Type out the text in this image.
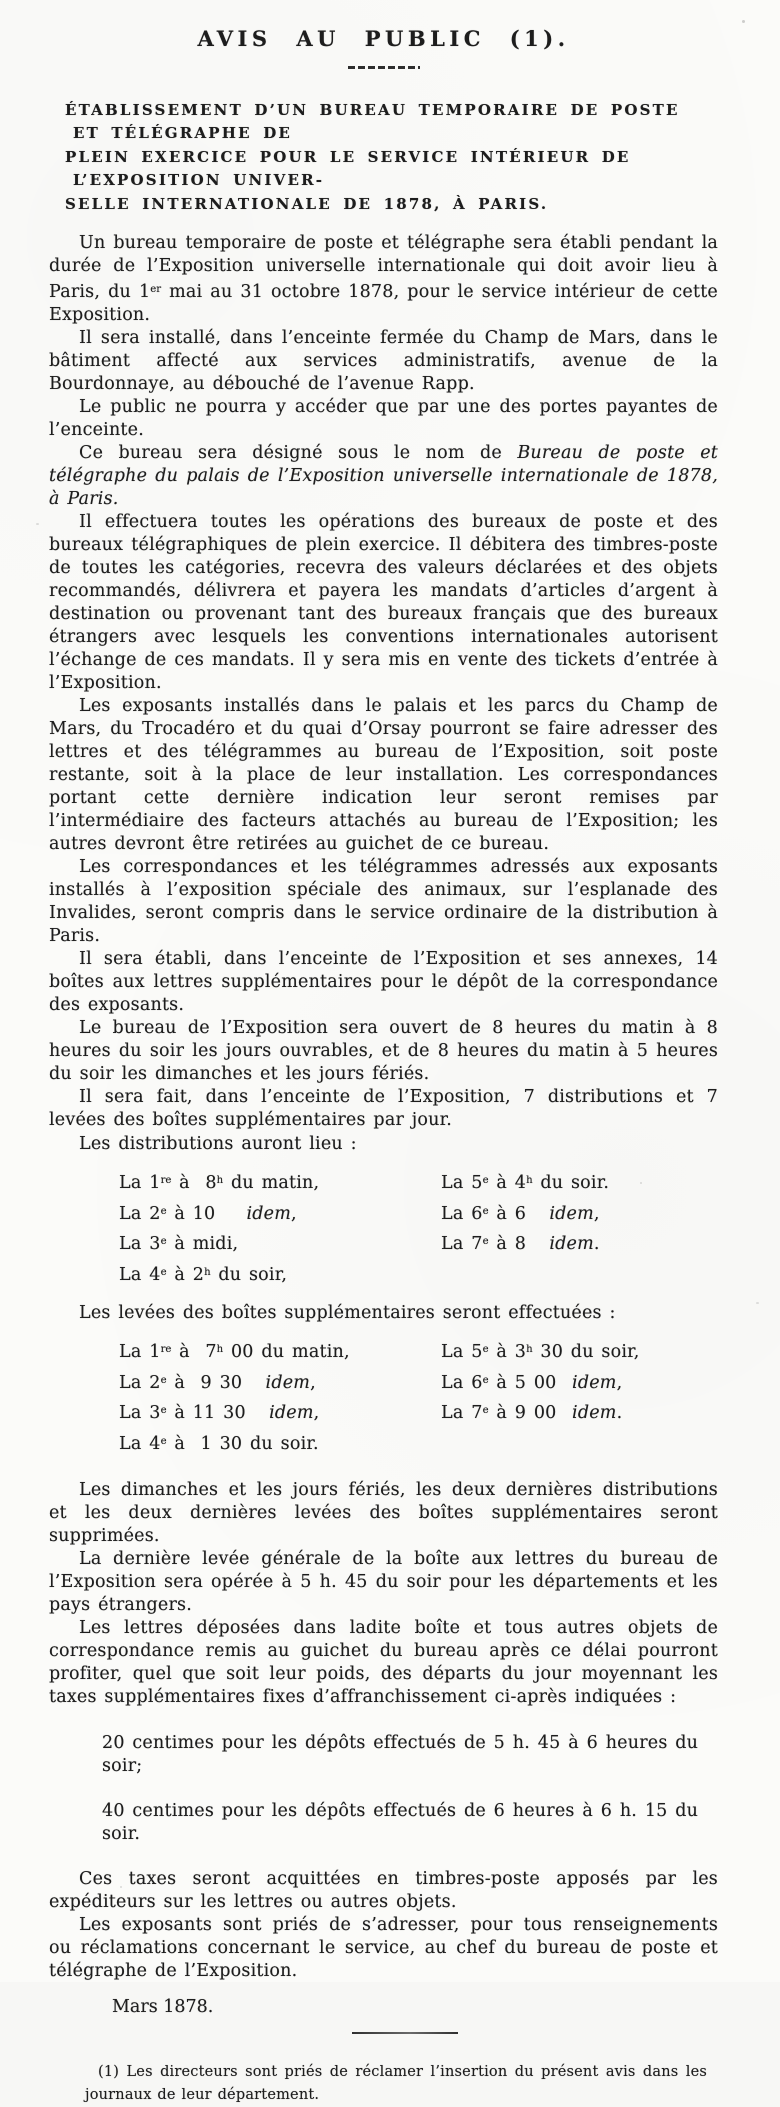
AVIS AU PUBLIC (1).
ÉTABLISSEMENT D’UN BUREAU TEMPORAIRE DE POSTE ET TÉLÉGRAPHE DE
PLEIN EXERCICE POUR LE SERVICE INTÉRIEUR DE L’EXPOSITION UNIVER-
SELLE INTERNATIONALE DE 1878, À PARIS.

Un bureau temporaire de poste et télégraphe sera établi pendant la durée de l’Exposition universelle internationale qui doit avoir lieu à Paris, du 1er mai au 31 octobre 1878, pour le service intérieur de cette Exposition.

Il sera installé, dans l’enceinte fermée du Champ de Mars, dans le bâtiment affecté aux services administratifs, avenue de la Bourdonnaye, au débouché de l’avenue Rapp.

Le public ne pourra y accéder que par une des portes payantes de l’enceinte.

Ce bureau sera désigné sous le nom de Bureau de poste et télégraphe du palais de l’Exposition universelle internationale de 1878, à Paris.

Il effectuera toutes les opérations des bureaux de poste et des bureaux télégraphiques de plein exercice. Il débitera des timbres-poste de toutes les catégories, recevra des valeurs déclarées et des objets recommandés, délivrera et payera les mandats d’articles d’argent à destination ou provenant tant des bureaux français que des bureaux étrangers avec lesquels les conventions internationales autorisent l’échange de ces mandats. Il y sera mis en vente des tickets d’entrée à l’Exposition.

Les exposants installés dans le palais et les parcs du Champ de Mars, du Trocadéro et du quai d’Orsay pourront se faire adresser des lettres et des télégrammes au bureau de l’Exposition, soit poste restante, soit à la place de leur installation. Les correspondances portant cette dernière indication leur seront remises par l’intermédiaire des facteurs attachés au bureau de l’Exposition; les autres devront être retirées au guichet de ce bureau.

Les correspondances et les télégrammes adressés aux exposants installés à l’exposition spéciale des animaux, sur l’esplanade des Invalides, seront compris dans le service ordinaire de la distribution à Paris.

Il sera établi, dans l’enceinte de l’Exposition et ses annexes, 14 boîtes aux lettres supplémentaires pour le dépôt de la correspondance des exposants.

Le bureau de l’Exposition sera ouvert de 8 heures du matin à 8 heures du soir les jours ouvrables, et de 8 heures du matin à 5 heures du soir les dimanches et les jours fériés.

Il sera fait, dans l’enceinte de l’Exposition, 7 distributions et 7 levées des boîtes supplémentaires par jour.

Les distributions auront lieu :

La 1re à  8$^h$ du matin,
La 2e à 10    idem,
La 3e à midi,
La 4e à 2$^h$ du soir,
La 5e à 4$^h$ du soir.
La 6e à 6   idem,
La 7e à 8   idem.

Les levées des boîtes supplémentaires seront effectuées :

La 1re à  7$^h$ 00 du matin,
La 2e à  9 30   idem,
La 3e à 11 30   idem,
La 4e à  1 30 du soir.
La 5e à 3$^h$ 30 du soir,
La 6e à 5 00  idem,
La 7e à 9 00  idem.

Les dimanches et les jours fériés, les deux dernières distributions et les deux dernières levées des boîtes supplémentaires seront supprimées.

La dernière levée générale de la boîte aux lettres du bureau de l’Exposition sera opérée à 5 h. 45 du soir pour les départements et les pays étrangers.

Les lettres déposées dans ladite boîte et tous autres objets de correspondance remis au guichet du bureau après ce délai pourront profiter, quel que soit leur poids, des départs du jour moyennant les taxes supplémentaires fixes d’affranchissement ci-après indiquées :

20 centimes pour les dépôts effectués de 5 h. 45 à 6 heures du soir;

40 centimes pour les dépôts effectués de 6 heures à 6 h. 15 du soir.

Ces taxes seront acquittées en timbres-poste apposés par les expéditeurs sur les lettres ou autres objets.

Les exposants sont priés de s’adresser, pour tous renseignements ou réclamations concernant le service, au chef du bureau de poste et télégraphe de l’Exposition.

Mars 1878.

(1) Les directeurs sont priés de réclamer l’insertion du présent avis dans les journaux de leur département.
